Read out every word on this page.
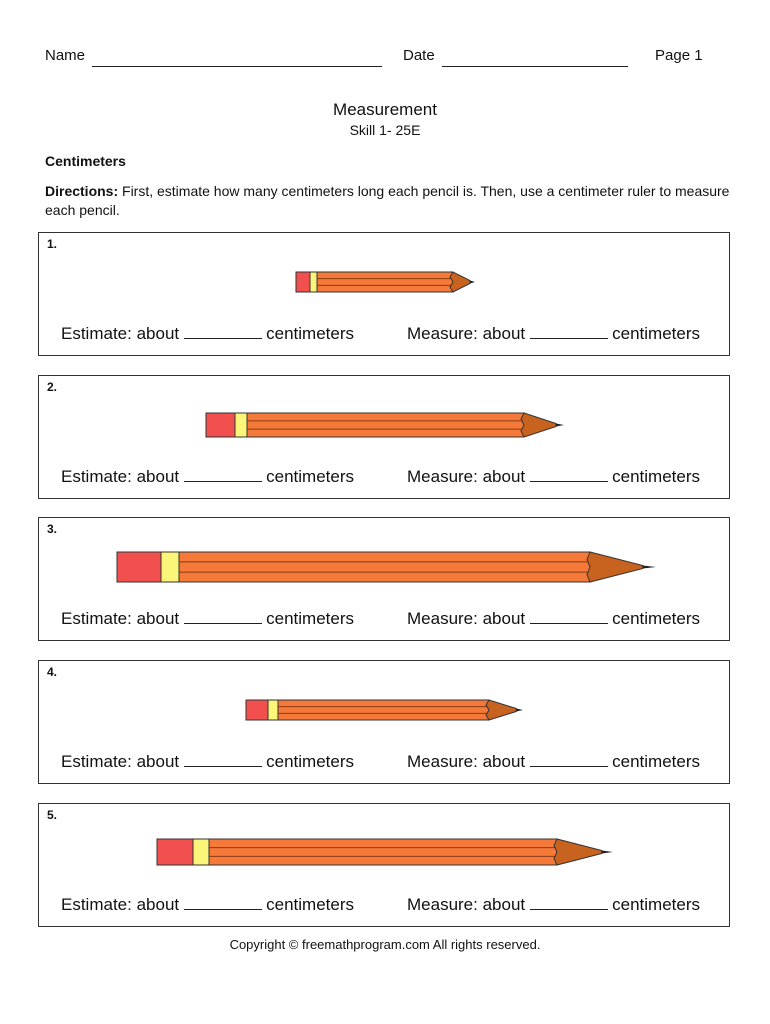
Name	Date	Page 1
Measurement
Skill 1- 25E
Centimeters
Directions: First, estimate how many centimeters long each pencil is. Then, use a centimeter ruler to measure each pencil.
1.
Estimate: about	centimeters	Measure: about	centimeters
2.
Estimate: about	centimeters	Measure: about	centimeters
3.
Estimate: about	centimeters	Measure: about	centimeters
4.
Estimate: about	centimeters	Measure: about	centimeters
5.
Estimate: about	centimeters	Measure: about	centimeters
Copyright © freemathprogram.com All rights reserved.
